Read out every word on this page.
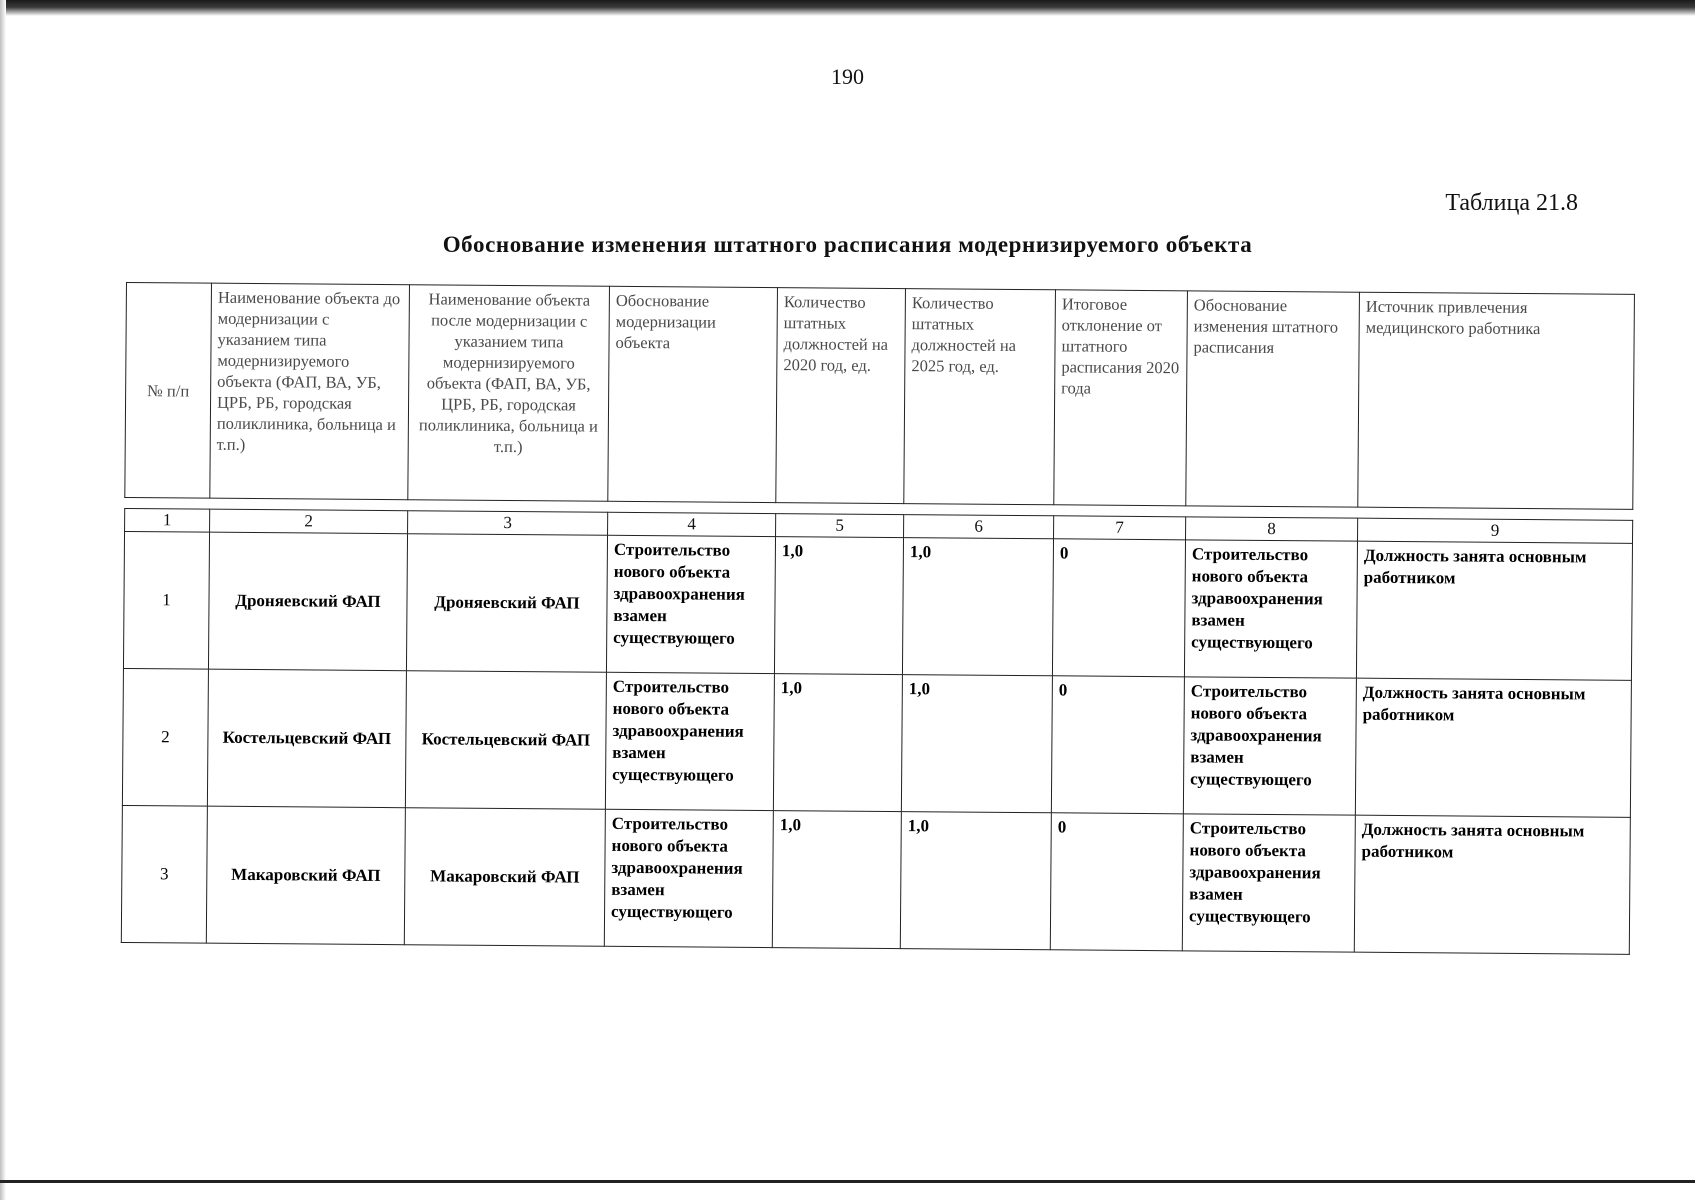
190
Таблица 21.8
Обоснование изменения штатного расписания модернизируемого объекта
№ п/п	Наименование объекта до модернизации с указанием типа модернизируемого объекта (ФАП, ВА, УБ, ЦРБ, РБ, городская поликлиника, больница и т.п.)	Наименование объекта после модернизации с указанием типа модернизируемого объекта (ФАП, ВА, УБ, ЦРБ, РБ, городская поликлиника, больница и т.п.)	Обоснование модернизации объекта	Количество штатных должностей на 2020 год, ед.	Количество штатных должностей на 2025 год, ед.	Итоговое отклонение от штатного расписания 2020 года	Обоснование изменения штатного расписания	Источник привлечения медицинского работника

1	2	3	4	5	6	7	8	9
1	Дроняевский ФАП	Дроняевский ФАП	Строительство нового объекта здравоохранения взамен существующего	1,0	1,0	0	Строительство нового объекта здравоохранения взамен существующего	Должность занята основным работником
2	Костельцевский ФАП	Костельцевский ФАП	Строительство нового объекта здравоохранения взамен существующего	1,0	1,0	0	Строительство нового объекта здравоохранения взамен существующего	Должность занята основным работником
3	Макаровский ФАП	Макаровский ФАП	Строительство нового объекта здравоохранения взамен существующего	1,0	1,0	0	Строительство нового объекта здравоохранения взамен существующего	Должность занята основным работником
